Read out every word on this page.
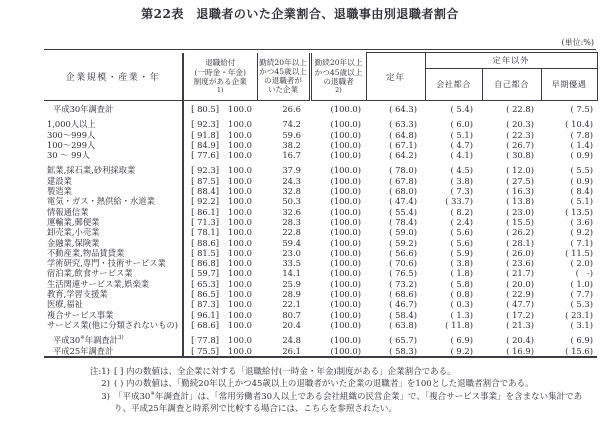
第22表　退職者のいた企業割合、退職事由別退職者割合
(単位:%)
企業規模・産業・年	
退職給付
(一時金・年金)
制度がある企業
1)

勤続20年以上
かつ45歳以上
の退職者が
いた企業

勤続20年以上
かつ45歳以上
の退職者
2)
	定年	定年以外
						会社都合	自己都合	早期優遇

平成30年調査計	[ 80.5]	100.0	26.6	(100.0)	( 64.3)	( 5.4)	( 22.8)	( 7.5)

1,000人以上	[ 92.3]	100.0	74.2	(100.0)	( 63.3)	( 6.0)	( 20.3)	( 10.4)
300〜999人	[ 91.8]	100.0	59.6	(100.0)	( 64.8)	( 5.1)	( 22.3)	( 7.8)
100〜299人	[ 84.9]	100.0	38.2	(100.0)	( 67.1)	( 4.7)	( 26.7)	( 1.4)
30 〜 99人	[ 77.6]	100.0	16.7	(100.0)	( 64.2)	( 4.1)	( 30.8)	( 0.9)

鉱業,採石業,砂利採取業	[ 92.3]	100.0	37.9	(100.0)	( 78.0)	( 4.5)	( 12.0)	( 5.5)
建設業	[ 87.5]	100.0	24.3	(100.0)	( 67.8)	( 3.8)	( 27.5)	( 0.9)
製造業	[ 88.4]	100.0	32.8	(100.0)	( 68.0)	( 7.3)	( 16.3)	( 8.4)
電気・ガス・熱供給・水道業	[ 92.2]	100.0	50.3	(100.0)	( 47.4)	( 33.7)	( 13.8)	( 5.1)
情報通信業	[ 86.1]	100.0	32.6	(100.0)	( 55.4)	( 8.2)	( 23.0)	( 13.5)
運輸業,郵便業	[ 71.3]	100.0	28.3	(100.0)	( 78.4)	( 2.4)	( 15.5)	( 3.6)
卸売業,小売業	[ 78.1]	100.0	22.8	(100.0)	( 59.0)	( 5.6)	( 26.2)	( 9.2)
金融業,保険業	[ 88.6]	100.0	59.4	(100.0)	( 59.2)	( 5.6)	( 28.1)	( 7.1)
不動産業,物品賃貸業	[ 81.5]	100.0	23.0	(100.0)	( 56.6)	( 5.9)	( 26.0)	( 11.5)
学術研究,専門・技術サービス業	[ 86.8]	100.0	33.5	(100.0)	( 70.6)	( 3.8)	( 23.6)	( 2.0)
宿泊業,飲食サービス業	[ 59.7]	100.0	14.1	(100.0)	( 76.5)	( 1.8)	( 21.7)	(   -)
生活関連サービス業,娯楽業	[ 65.3]	100.0	25.9	(100.0)	( 73.2)	( 5.8)	( 20.0)	( 1.0)
教育,学習支援業	[ 86.5]	100.0	28.9	(100.0)	( 68.6)	( 0.8)	( 22.9)	( 7.7)
医療,福祉	[ 87.3]	100.0	22.1	(100.0)	( 46.7)	( 0.3)	( 47.7)	( 5.3)
複合サービス事業	[ 96.1]	100.0	80.7	(100.0)	( 58.4)	( 1.3)	( 17.2)	( 23.1)
サービス業(他に分類されないもの)	[ 68.6]	100.0	20.4	(100.0)	( 63.8)	( 11.8)	( 21.3)	( 3.1)

平成30※年調査計$^{3)}$	[ 77.8]	100.0	24.8	(100.0)	( 65.7)	( 6.9)	( 20.4)	( 6.9)
平成25年調査計	[ 75.5]	100.0	26.1	(100.0)	( 58.3)	( 9.2)	( 16.9)	( 15.6)
注:1) [ ] 内の数値は、全企業に対する「退職給付(一時金・年金)制度がある」企業割合である。
2) ( ) 内の数値は、「勤続20年以上かつ45歳以上の退職者がいた企業の退職者」を100とした退職者割合である。
3) 「平成30※年調査計」は、「常用労働者30人以上である会社組織の民営企業」で、「複合サービス事業」を含まない集計であり、平成25年調査と時系列で比較する場合には、こちらを参照されたい。
